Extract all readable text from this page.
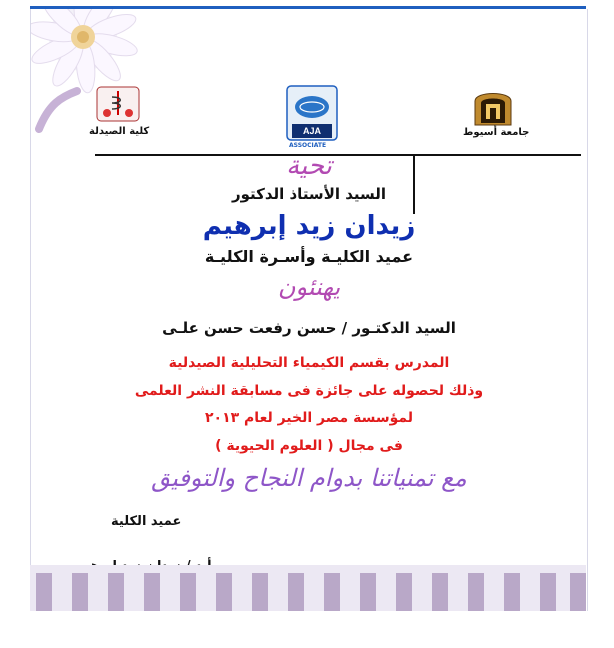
كلية الصيدلة	AJA
ASSOCIATE
جامعة أسيوط
تحية
السيد الأستاذ الدكتور
زيدان زيد إبرهيم
عميد الكليـة وأسـرة الكليـة
يهنئون
السيد الدكتـور / حسن رفعت حسن علـى
المدرس بقسم الكيمياء التحليلية الصيدلية
وذلك لحصوله على جائزة فى مسابقة النشر العلمى
لمؤسسة مصر الخير لعام ٢٠١٣
فى مجال ( العلوم الحيوية )
مع تمنياتنا بدوام النجاح والتوفيق
عميد الكلية
